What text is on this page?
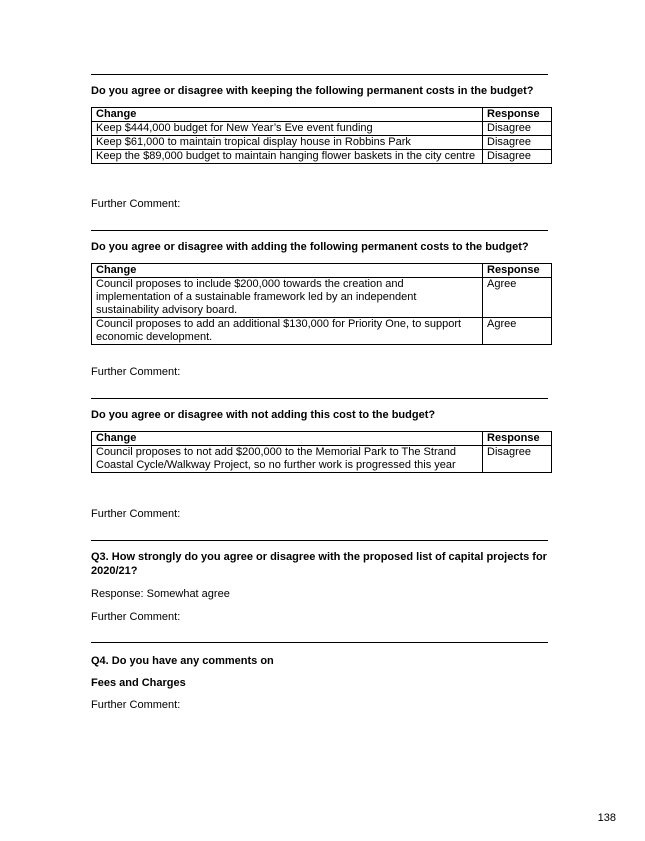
Do you agree or disagree with keeping the following permanent costs in the budget?
Change	Response
Keep $444,000 budget for New Year’s Eve event funding	Disagree
Keep $61,000 to maintain tropical display house in Robbins Park	Disagree
Keep the $89,000 budget to maintain hanging flower baskets in the city centre	Disagree
Further Comment:
Do you agree or disagree with adding the following permanent costs to the budget?
Change	Response
Council proposes to include $200,000 towards the creation and implementation of a sustainable framework led by an independent sustainability advisory board.	Agree
Council proposes to add an additional $130,000 for Priority One, to support economic development.	Agree
Further Comment:
Do you agree or disagree with not adding this cost to the budget?
Change	Response
Council proposes to not add $200,000 to the Memorial Park to The Strand Coastal Cycle/Walkway Project, so no further work is progressed this year	Disagree
Further Comment:
Q3. How strongly do you agree or disagree with the proposed list of capital projects for 2020/21?
Response: Somewhat agree
Further Comment:
Q4. Do you have any comments on
Fees and Charges
Further Comment:
138
